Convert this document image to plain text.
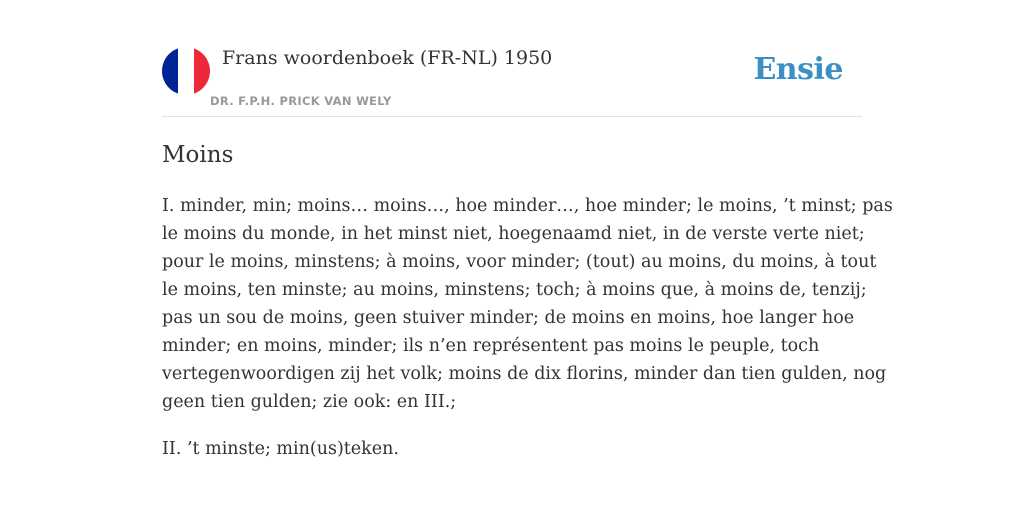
Frans woordenboek (FR-NL) 1950
DR. F.P.H. PRICK VAN WELY
Ensie
Moins

I. minder, min; moins… moins…, hoe minder…, hoe minder; le moins, ’t minst; pas
le moins du monde, in het minst niet, hoegenaamd niet, in de verste verte niet;
pour le moins, minstens; à moins, voor minder; (tout) au moins, du moins, à tout
le moins, ten minste; au moins, minstens; toch; à moins que, à moins de, tenzij;
pas un sou de moins, geen stuiver minder; de moins en moins, hoe langer hoe
minder; en moins, minder; ils n’en représentent pas moins le peuple, toch
vertegenwoordigen zij het volk; moins de dix florins, minder dan tien gulden, nog
geen tien gulden; zie ook: en III.;

II. ’t minste; min(us)teken.
